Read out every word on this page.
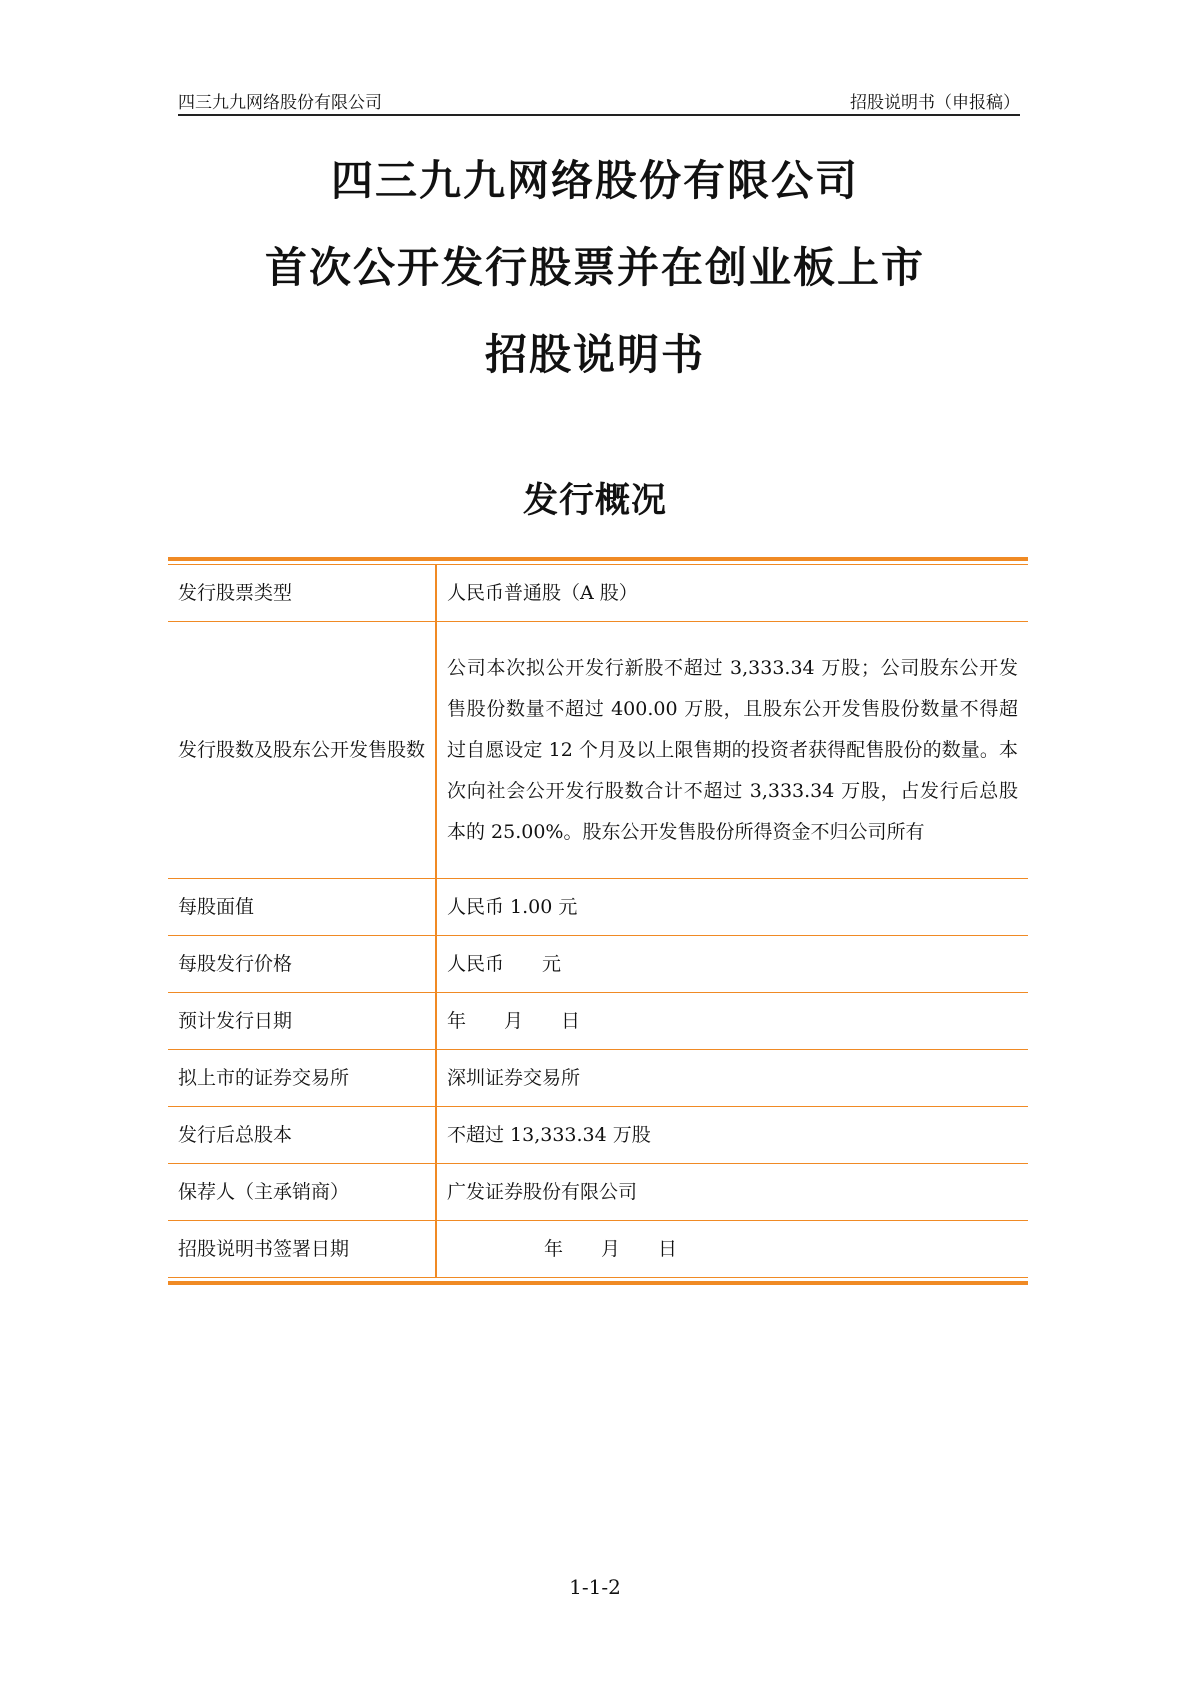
四三九九网络股份有限公司	招股说明书（申报稿）
四三九九网络股份有限公司
首次公开发行股票并在创业板上市
招股说明书
发行概况
发行股票类型	人民币普通股（A 股）
发行股数及股东公开发售股数	公司本次拟公开发行新股不超过 3,333.34 万股；公司股东公开发售股份数量不超过 400.00 万股，且股东公开发售股份数量不得超过自愿设定 12 个月及以上限售期的投资者获得配售股份的数量。本次向社会公开发行股数合计不超过 3,333.34 万股，占发行后总股本的 25.00%。股东公开发售股份所得资金不归公司所有
每股面值	人民币 1.00 元
每股发行价格	人民币　　元
预计发行日期	年　　月　　日
拟上市的证券交易所	深圳证券交易所
发行后总股本	不超过 13,333.34 万股
保荐人（主承销商）	广发证券股份有限公司
招股说明书签署日期	年　　月　　日
1-1-2
